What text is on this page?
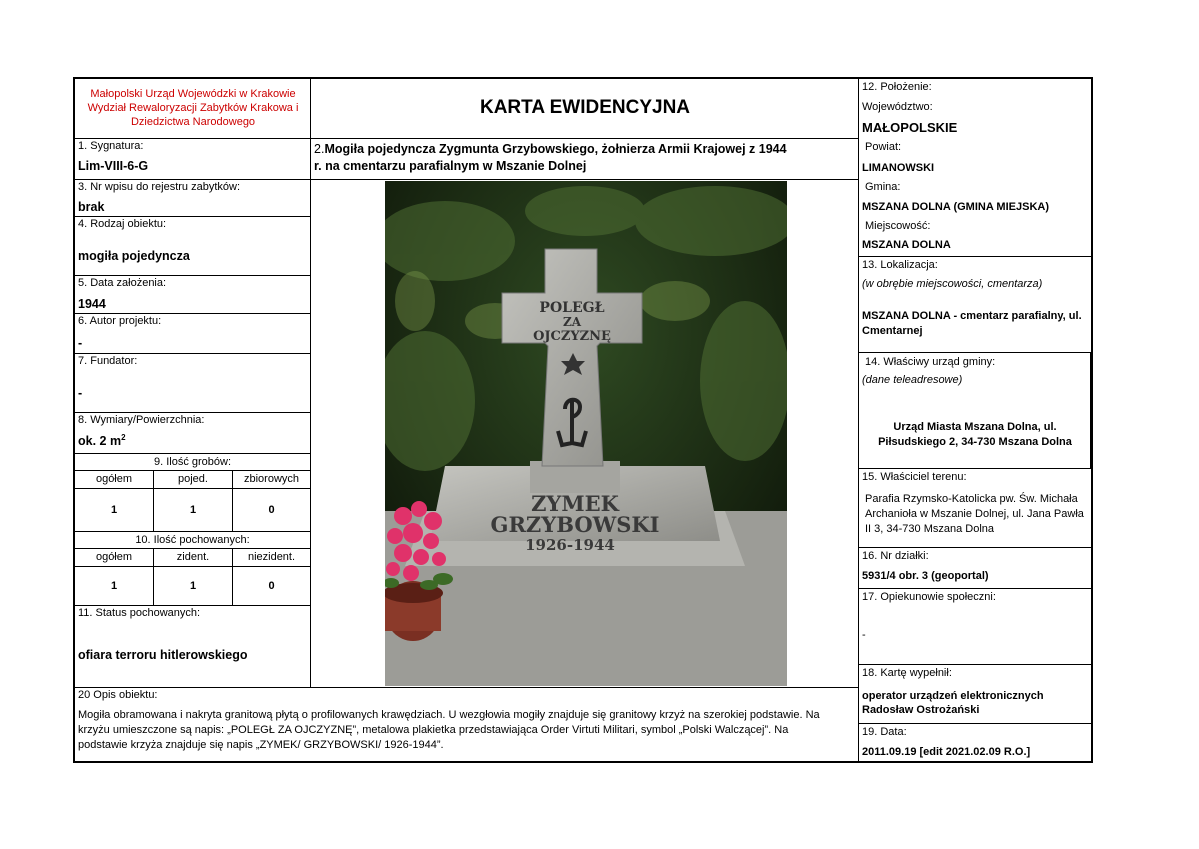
Małopolski Urząd Wojewódzki w Krakowie
Wydział Rewaloryzacji Zabytków Krakowa i
Dziedzictwa Narodowego
1. Sygnatura:
Lim-VIII-6-G
3. Nr wpisu do rejestru zabytków:
brak
4. Rodzaj obiektu:
mogiła pojedyncza
5. Data założenia:
1944
6. Autor projektu:
-
7. Fundator:
-
8. Wymiary/Powierzchnia:
ok. 2 $m^2$
9. Ilość grobów:
ogółem	pojed.	zbiorowych
1	1	0
10. Ilość pochowanych:
ogółem	zident.	niezident.
1	1	0
11. Status pochowanych:
ofiara terroru hitlerowskiego
KARTA EWIDENCYJNA
2.Mogiła pojedyncza Zygmunta Grzybowskiego, żołnierza Armii Krajowej z 1944
r. na cmentarzu parafialnym w Mszanie Dolnej
POLEGŁ
ZA
OJCZYZNĘ
ZYMEK
GRZYBOWSKI
1926-1944
20 Opis obiektu:
Mogiła obramowana i nakryta granitową płytą o profilowanych krawędziach. U wezgłowia mogiły znajduje się granitowy krzyż na szerokiej podstawie. Na
krzyżu umieszczone są napis: „POLEGŁ ZA OJCZYZNĘ”, metalowa plakietka przedstawiająca Order Virtuti Militari, symbol „Polski Walczącej”. Na
podstawie krzyża znajduje się napis „ZYMEK/ GRZYBOWSKI/ 1926-1944”.
12. Położenie:
Województwo:
MAŁOPOLSKIE
Powiat:
LIMANOWSKI
Gmina:
MSZANA DOLNA (GMINA MIEJSKA)
Miejscowość:
MSZANA DOLNA
13. Lokalizacja:
(w obrębie miejscowości, cmentarza)
MSZANA DOLNA - cmentarz parafialny, ul.
Cmentarnej
14. Właściwy urząd gminy:
(dane teleadresowe)
Urząd Miasta Mszana Dolna, ul.
Piłsudskiego 2, 34-730 Mszana Dolna
15. Właściciel terenu:
Parafia Rzymsko-Katolicka pw. Św. Michała
Archanioła w Mszanie Dolnej, ul. Jana Pawła
II 3, 34-730 Mszana Dolna
16. Nr działki:
5931/4 obr. 3 (geoportal)
17. Opiekunowie społeczni:
-
18. Kartę wypełnił:
operator urządzeń elektronicznych
Radosław Ostrożański
19. Data:
2011.09.19 [edit 2021.02.09 R.O.]
